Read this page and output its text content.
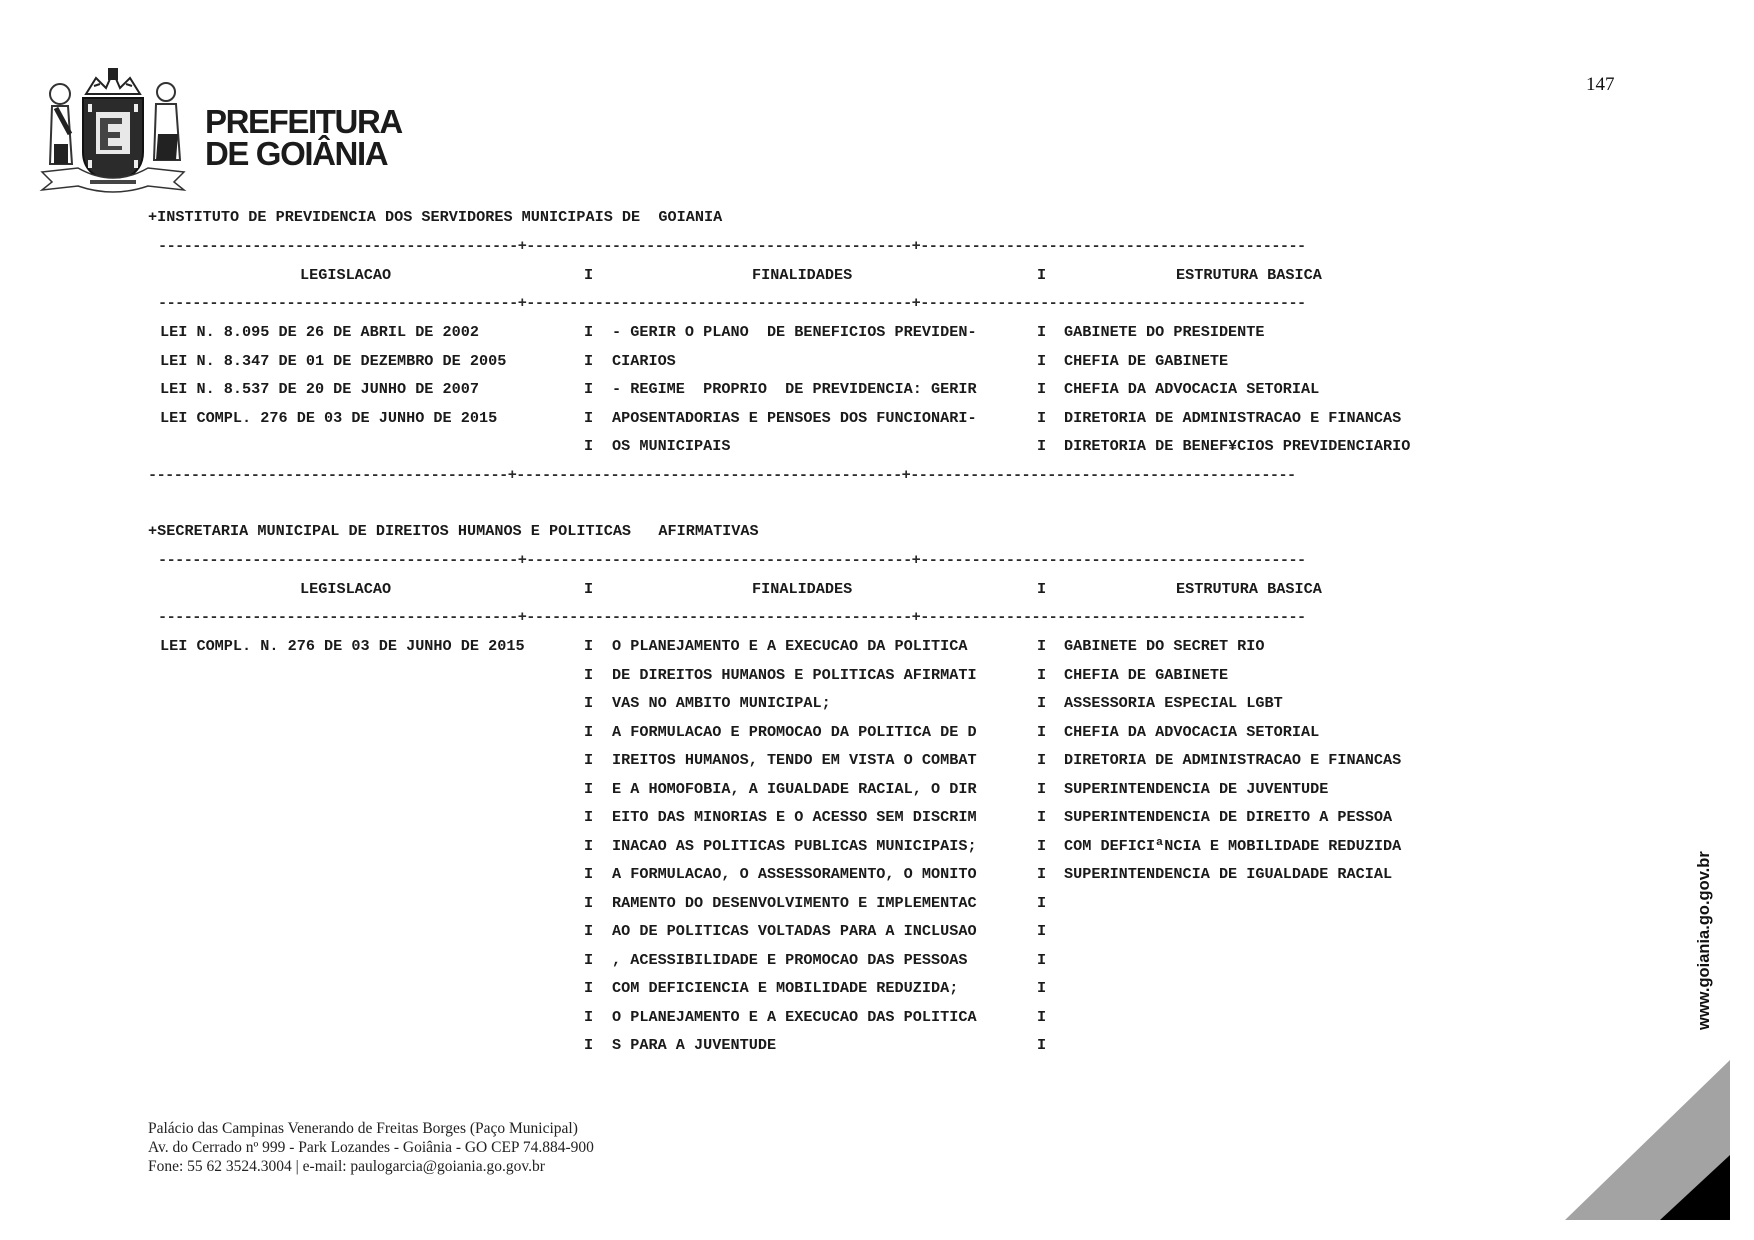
PREFEITURA
DE GOIÂNIA
147
+INSTITUTO DE PREVIDENCIA DOS SERVIDORES MUNICIPAIS DE  GOIANIA
------------------------------------------+---------------------------------------------+---------------------------------------------
LEGISLACAO	I	FINALIDADES	I	ESTRUTURA BASICA
------------------------------------------+---------------------------------------------+---------------------------------------------
LEI N. 8.095 DE 26 DE ABRIL DE 2002	I - GERIR O PLANO  DE BENEFICIOS PREVIDEN-	I GABINETE DO PRESIDENTE
LEI N. 8.347 DE 01 DE DEZEMBRO DE 2005	I CIARIOS	I CHEFIA DE GABINETE
LEI N. 8.537 DE 20 DE JUNHO DE 2007	I - REGIME  PROPRIO  DE PREVIDENCIA: GERIR	I CHEFIA DA ADVOCACIA SETORIAL
LEI COMPL. 276 DE 03 DE JUNHO DE 2015	I APOSENTADORIAS E PENSOES DOS FUNCIONARI-	I DIRETORIA DE ADMINISTRACAO E FINANCAS
I OS MUNICIPAIS	I DIRETORIA DE BENEF¥CIOS PREVIDENCIARIO
------------------------------------------+---------------------------------------------+---------------------------------------------
+SECRETARIA MUNICIPAL DE DIREITOS HUMANOS E POLITICAS   AFIRMATIVAS
------------------------------------------+---------------------------------------------+---------------------------------------------
LEGISLACAO	I	FINALIDADES	I	ESTRUTURA BASICA
------------------------------------------+---------------------------------------------+---------------------------------------------
LEI COMPL. N. 276 DE 03 DE JUNHO DE 2015	I O PLANEJAMENTO E A EXECUCAO DA POLITICA	I GABINETE DO SECRET RIO
I DE DIREITOS HUMANOS E POLITICAS AFIRMATI	I CHEFIA DE GABINETE
I VAS NO AMBITO MUNICIPAL;	I ASSESSORIA ESPECIAL LGBT
I A FORMULACAO E PROMOCAO DA POLITICA DE D	I CHEFIA DA ADVOCACIA SETORIAL
I IREITOS HUMANOS, TENDO EM VISTA O COMBAT	I DIRETORIA DE ADMINISTRACAO E FINANCAS
I E A HOMOFOBIA, A IGUALDADE RACIAL, O DIR	I SUPERINTENDENCIA DE JUVENTUDE
I EITO DAS MINORIAS E O ACESSO SEM DISCRIM	I SUPERINTENDENCIA DE DIREITO A PESSOA
I INACAO AS POLITICAS PUBLICAS MUNICIPAIS;	I COM DEFICIªNCIA E MOBILIDADE REDUZIDA
I A FORMULACAO, O ASSESSORAMENTO, O MONITO	I SUPERINTENDENCIA DE IGUALDADE RACIAL
I RAMENTO DO DESENVOLVIMENTO E IMPLEMENTAC	I
I AO DE POLITICAS VOLTADAS PARA A INCLUSAO	I
I , ACESSIBILIDADE E PROMOCAO DAS PESSOAS	I
I COM DEFICIENCIA E MOBILIDADE REDUZIDA;	I
I O PLANEJAMENTO E A EXECUCAO DAS POLITICA	I
I S PARA A JUVENTUDE	I
Palácio das Campinas Venerando de Freitas Borges (Paço Municipal)
Av. do Cerrado nº 999 - Park Lozandes - Goiânia - GO CEP 74.884-900
Fone: 55 62 3524.3004 | e-mail: paulogarcia@goiania.go.gov.br
www.goiania.go.gov.br
